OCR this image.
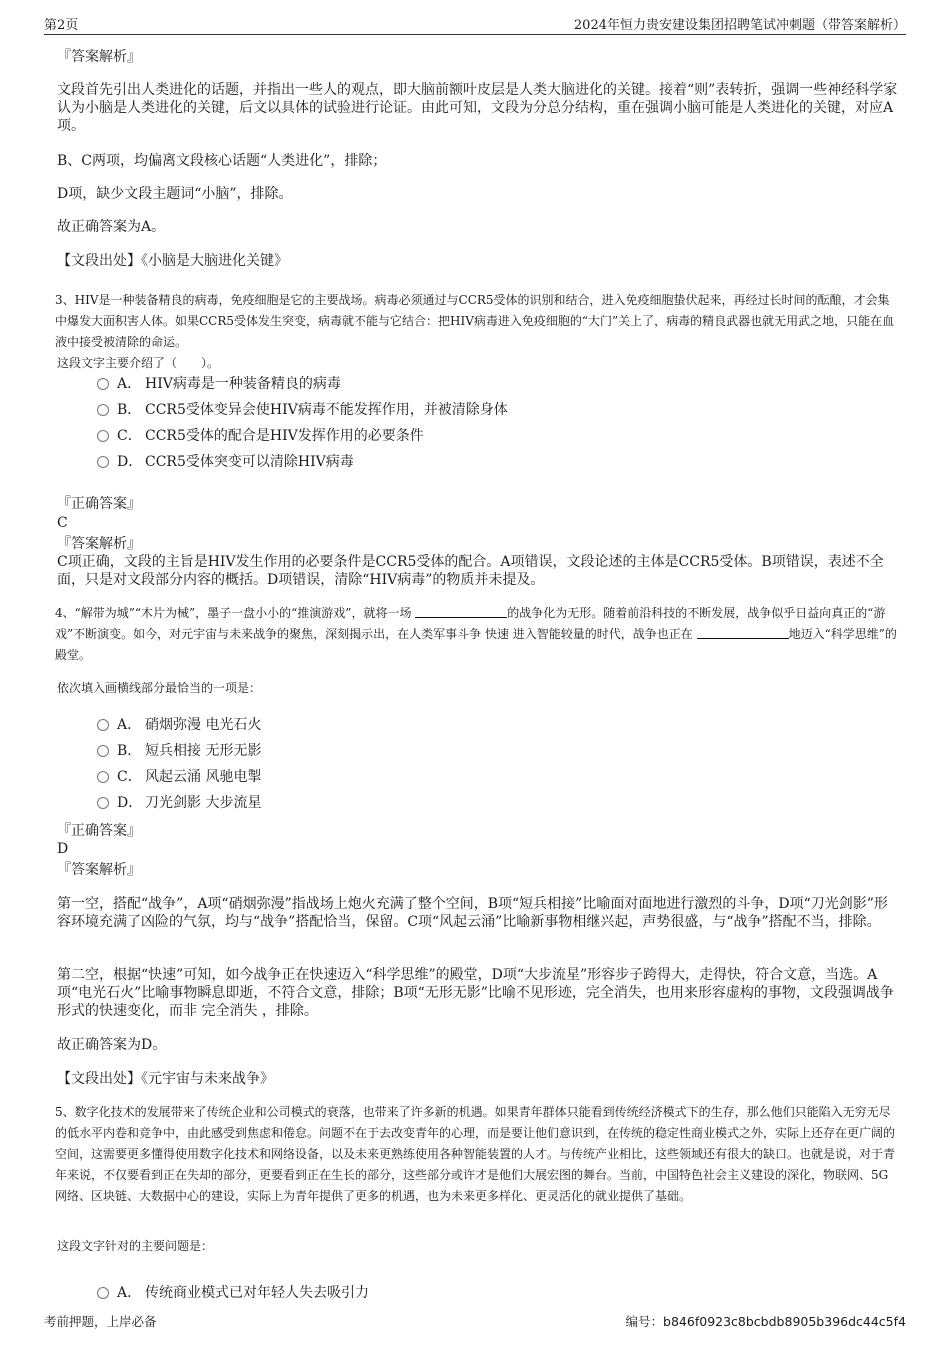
第2页	2024年恒力贵安建设集团招聘笔试冲刺题（带答案解析）
『答案解析』
文段首先引出人类进化的话题，并指出一些人的观点，即大脑前额叶皮层是人类大脑进化的关键。接着“则”表转折，强调一些神经科学家认为小脑是人类进化的关键，后文以具体的试验进行论证。由此可知，文段为分总分结构，重在强调小脑可能是人类进化的关键，对应A项。
B、C两项，均偏离文段核心话题“人类进化”，排除；
D项，缺少文段主题词“小脑”，排除。
故正确答案为A。
【文段出处】《小脑是大脑进化关键》
3、HIV是一种装备精良的病毒，免疫细胞是它的主要战场。病毒必须通过与CCR5受体的识别和结合，进入免疫细胞蛰伏起来，再经过长时间的酝酿，才会集中爆发大面积害人体。如果CCR5受体发生突变，病毒就不能与它结合：把HIV病毒进入免疫细胞的“大门”关上了，病毒的精良武器也就无用武之地，只能在血液中接受被清除的命运。
这段文字主要介绍了（　　）。
A． HIV病毒是一种装备精良的病毒
B． CCR5受体变异会使HIV病毒不能发挥作用，并被清除身体
C． CCR5受体的配合是HIV发挥作用的必要条件
D． CCR5受体突变可以清除HIV病毒
『正确答案』
C
『答案解析』
C项正确，文段的主旨是HIV发生作用的必要条件是CCR5受体的配合。A项错误，文段论述的主体是CCR5受体。B项错误，表述不全面，只是对文段部分内容的概括。D项错误，清除“HIV病毒”的物质并未提及。
4、“解带为城”“木片为械”，墨子一盘小小的“推演游戏”，就将一场	的战争化为无形。随着前沿科技的不断发展，战争似乎日益向真正的“游戏”不断演变。如今，对元宇宙与未来战争的聚焦，深刻揭示出，在人类军事斗争 快速 进入智能较量的时代，战争也正在	地迈入“科学思维”的殿堂。
依次填入画横线部分最恰当的一项是：
A． 硝烟弥漫 电光石火
B． 短兵相接 无形无影
C． 风起云涌 风驰电掣
D． 刀光剑影 大步流星
『正确答案』
D
『答案解析』
第一空，搭配“战争”，A项“硝烟弥漫”指战场上炮火充满了整个空间，B项“短兵相接”比喻面对面地进行激烈的斗争，D项“刀光剑影”形容环境充满了凶险的气氛，均与“战争”搭配恰当，保留。C项“风起云涌”比喻新事物相继兴起，声势很盛，与“战争”搭配不当，排除。
第二空，根据“快速”可知，如今战争正在快速迈入“科学思维”的殿堂，D项“大步流星”形容步子跨得大，走得快，符合文意，当选。A项“电光石火”比喻事物瞬息即逝，不符合文意，排除；B项“无形无影”比喻不见形迹，完全消失，也用来形容虚构的事物，文段强调战争形式的快速变化，而非 完全消失 ，排除。
故正确答案为D。
【文段出处】《元宇宙与未来战争》
5、数字化技术的发展带来了传统企业和公司模式的衰落，也带来了许多新的机遇。如果青年群体只能看到传统经济模式下的生存，那么他们只能陷入无穷无尽的低水平内卷和竞争中，由此感受到焦虑和倦怠。问题不在于去改变青年的心理，而是要让他们意识到，在传统的稳定性商业模式之外，实际上还存在更广阔的空间，这需要更多懂得使用数字化技术和网络设备，以及未来更熟练使用各种智能装置的人才。与传统产业相比，这些领域还有很大的缺口。也就是说，对于青年来说，不仅要看到正在失却的部分，更要看到正在生长的部分，这些部分或许才是他们大展宏图的舞台。当前，中国特色社会主义建设的深化，物联网、5G网络、区块链、大数据中心的建设，实际上为青年提供了更多的机遇，也为未来更多样化、更灵活化的就业提供了基础。
这段文字针对的主要问题是：
A． 传统商业模式已对年轻人失去吸引力
考前押题，上岸必备	编号：b846f0923c8bcbdb8905b396dc44c5f4
